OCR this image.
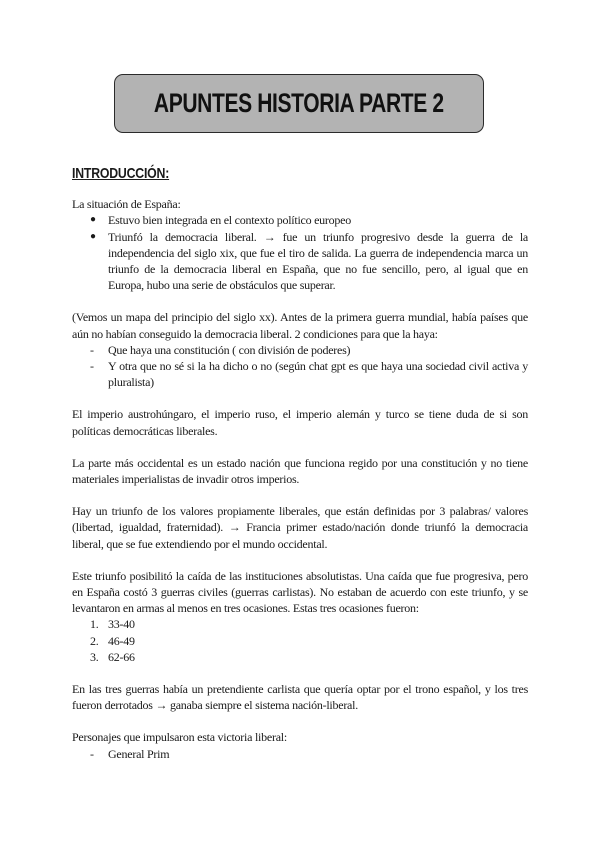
APUNTES HISTORIA PARTE 2
INTRODUCCIÓN:

La situación de España:

● Estuvo bien integrada en el contexto político europeo
● Triunfó la democracia liberal. → fue un triunfo progresivo desde la guerra de la independencia del siglo xix, que fue el tiro de salida. La guerra de independencia marca un triunfo de la democracia liberal en España, que no fue sencillo, pero, al igual que en Europa, hubo una serie de obstáculos que superar.

(Vemos un mapa del principio del siglo xx). Antes de la primera guerra mundial, había países que aún no habían conseguido la democracia liberal. 2 condiciones para que la haya:

- Que haya una constitución ( con división de poderes)
- Y otra que no sé si la ha dicho o no (según chat gpt es que haya una sociedad civil activa y pluralista)

El imperio austrohúngaro, el imperio ruso, el imperio alemán y turco se tiene duda de si son políticas democráticas liberales.

La parte más occidental es un estado nación que funciona regido por una constitución y no tiene materiales imperialistas de invadir otros imperios.

Hay un triunfo de los valores propiamente liberales, que están definidas por 3 palabras/ valores (libertad, igualdad, fraternidad). → Francia primer estado/nación donde triunfó la democracia liberal, que se fue extendiendo por el mundo occidental.

Este triunfo posibilitó la caída de las instituciones absolutistas. Una caída que fue progresiva, pero en España costó 3 guerras civiles (guerras carlistas). No estaban de acuerdo con este triunfo, y se levantaron en armas al menos en tres ocasiones. Estas tres ocasiones fueron:

1. 33-40
2. 46-49
3. 62-66

En las tres guerras había un pretendiente carlista que quería optar por el trono español, y los tres fueron derrotados → ganaba siempre el sistema nación-liberal.

Personajes que impulsaron esta victoria liberal:

- General Prim
